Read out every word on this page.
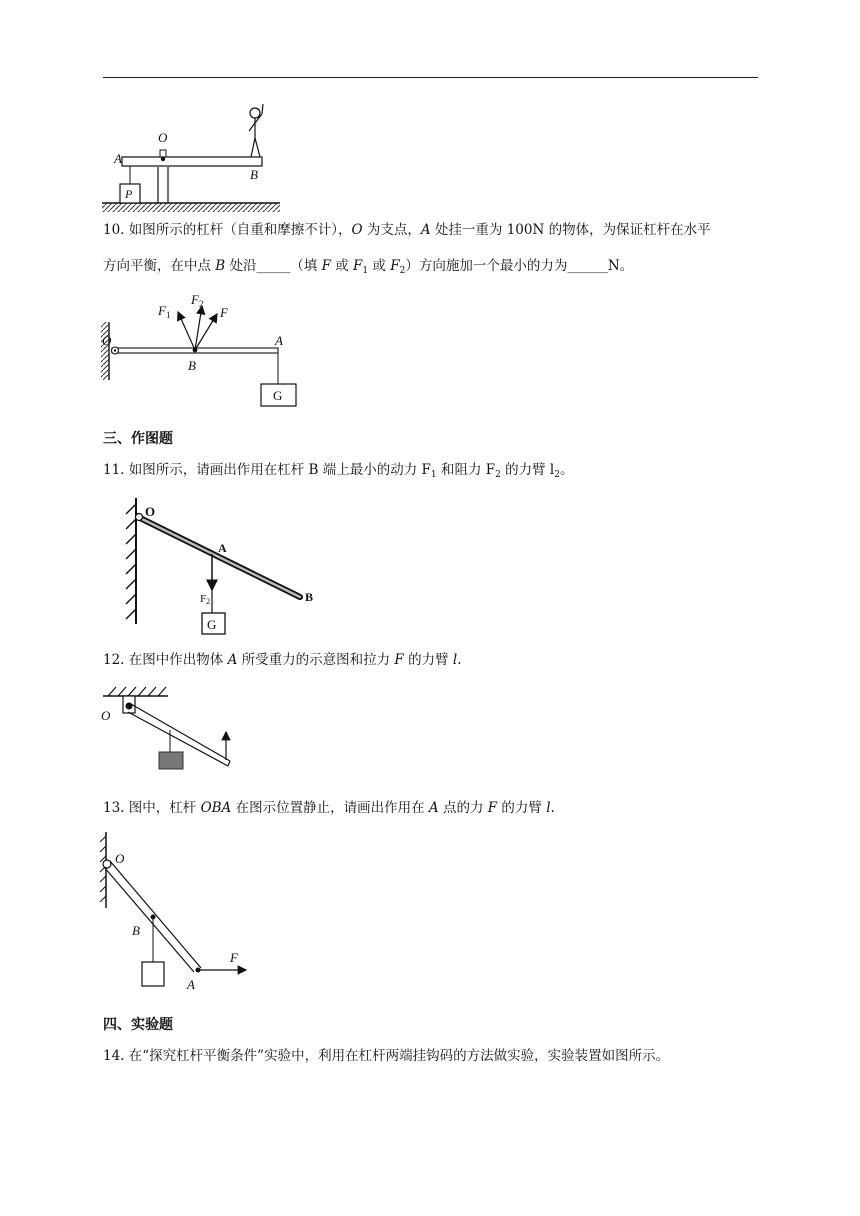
O
A
B
P
10. 如图所示的杠杆（自重和摩擦不计），O 为支点，A 处挂一重为 100N 的物体，为保证杠杆在水平
方向平衡，在中点 B 处沿_____（填 F 或 $F_1$ 或 $F_2$）方向施加一个最小的力为______N。
O	A
B
$F_1$
$F_2$
F
G
三、作图题
11. 如图所示，请画出作用在杠杆 B 端上最小的动力 $F_1$ 和阻力 $F_2$ 的力臂 $l_2$。
O
A
B
F2
G
12. 在图中作出物体 A 所受重力的示意图和拉力 F 的力臂 l.
O
13. 图中，杠杆 OBA 在图示位置静止，请画出作用在 A 点的力 F 的力臂 l.
O
B
A
F
四、实验题
14. 在“探究杠杆平衡条件”实验中，利用在杠杆两端挂钩码的方法做实验，实验装置如图所示。
